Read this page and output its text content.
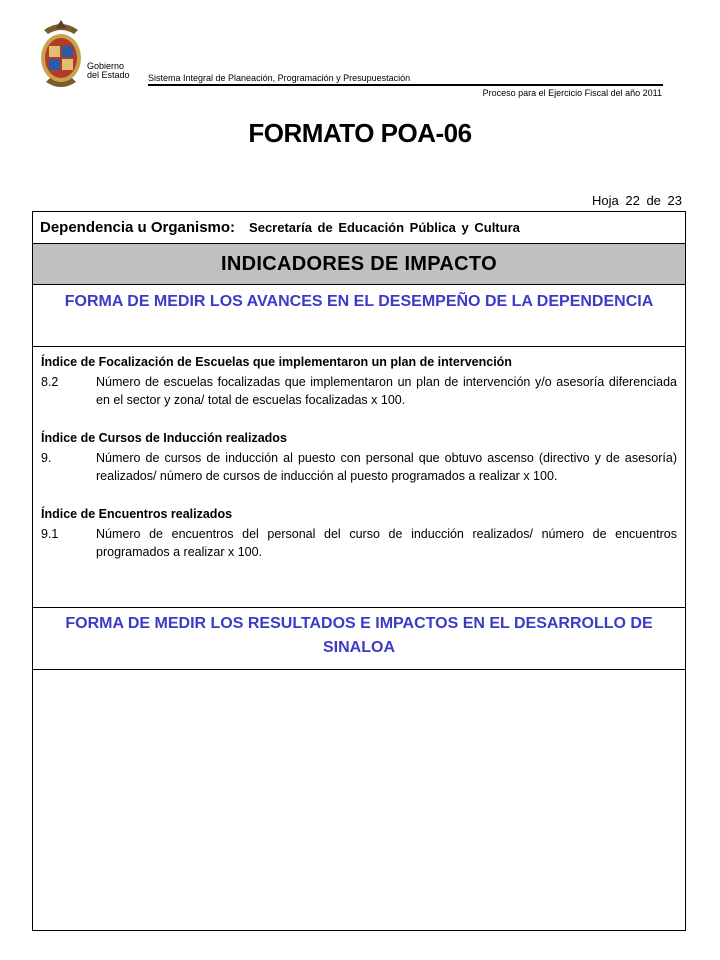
Gobierno
del Estado Sistema Integral de Planeación, Programación y Presupuestación
Proceso para el Ejercicio Fiscal del año 2011
FORMATO POA-06
Hoja 22 de 23
Dependencia u Organismo: Secretaría de Educación Pública y Cultura
INDICADORES DE IMPACTO
FORMA DE MEDIR LOS AVANCES EN EL DESEMPEÑO DE LA DEPENDENCIA

Índice de Focalización de Escuelas que implementaron un plan de intervención

8.2	Número de escuelas focalizadas que implementaron un plan de intervención y/o asesoría diferenciada en el sector y zona/ total de escuelas focalizadas x 100.

Índice de Cursos de Inducción realizados

9.	Número de cursos de inducción al puesto con personal que obtuvo ascenso (directivo y de asesoría) realizados/ número de cursos de inducción al puesto programados a realizar x 100.

Índice de Encuentros realizados

9.1	Número de encuentros del personal del curso de inducción realizados/ número de encuentros programados a realizar x 100.
FORMA DE MEDIR LOS RESULTADOS E IMPACTOS EN EL DESARROLLO DE SINALOA
